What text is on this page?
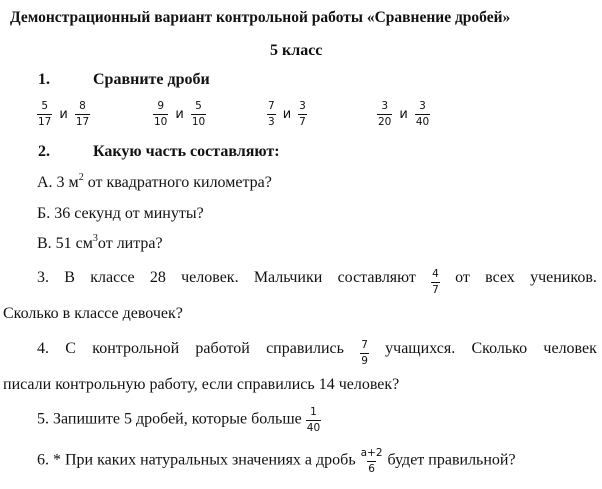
Демонстрационный вариант контрольной работы «Сравнение дробей»
5 класс
1.	Сравните дроби
$\frac{5}{17}$ и $\frac{8}{17}$	$\frac{9}{10}$ и $\frac{5}{10}$	$\frac{7}{3}$ и $\frac{3}{7}$	$\frac{3}{20}$ и $\frac{3}{40}$
2.	Какую часть составляют:
А. 3 $м^2$ от квадратного километра?
Б. 36 секунд от минуты?
В. 51 $см^3от$ литра?
3. В классе 28 человек. Мальчики составляют $\frac{4}{7}$ от всех учеников.
Сколько в классе девочек?
4. С контрольной работой справились $\frac{7}{9}$ учащихся. Сколько человек
писали контрольную работу, если справились 14 человек?
5. Запишите 5 дробей, которые больше $\frac{1}{40}$
6. * При каких натуральных значениях а дробь $\frac{a+2}{6}$ будет правильной?
